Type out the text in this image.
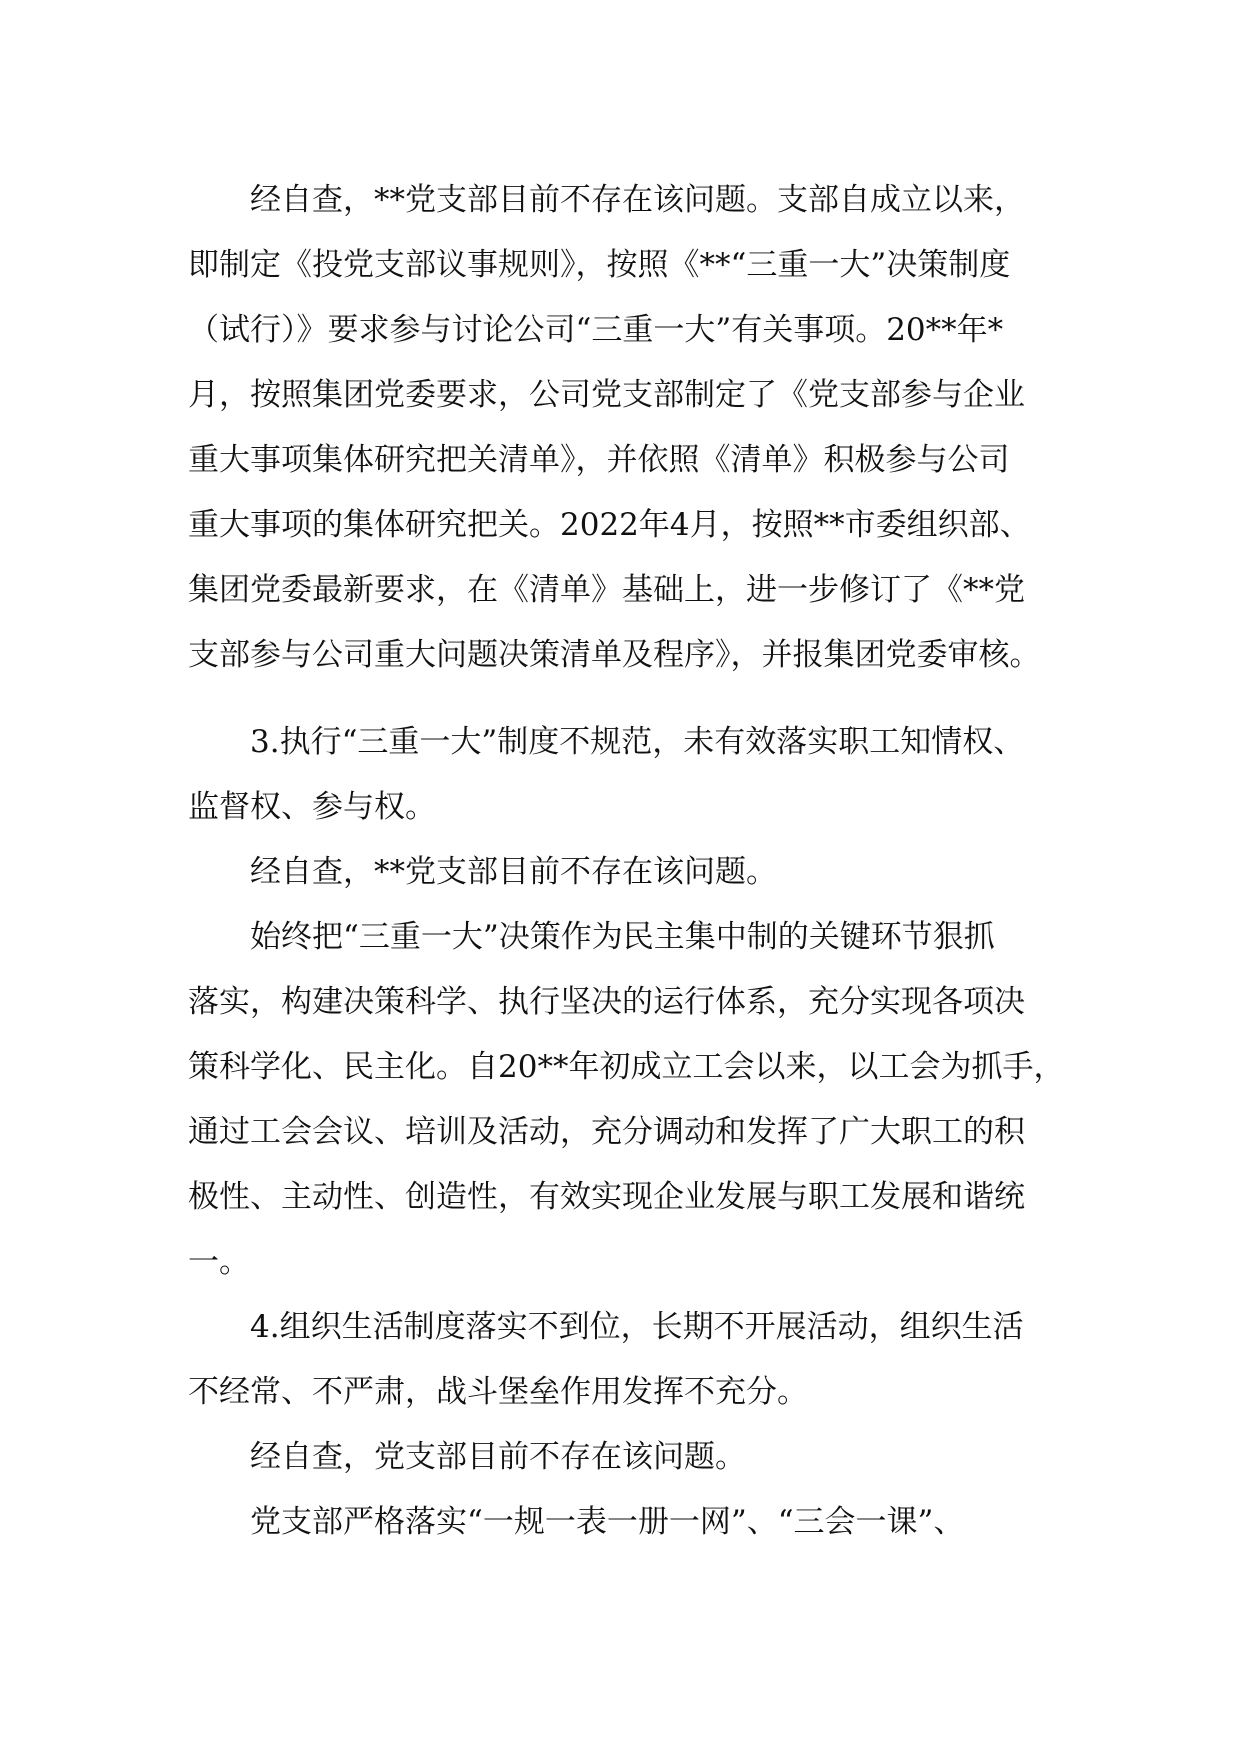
经自查，**党支部目前不存在该问题。支部自成立以来，
即制定《投党支部议事规则》，按照《**“三重一大”决策制度
（试行）》要求参与讨论公司“三重一大”有关事项。20**年*
月，按照集团党委要求，公司党支部制定了《党支部参与企业
重大事项集体研究把关清单》，并依照《清单》积极参与公司
重大事项的集体研究把关。2022年4月，按照**市委组织部、
集团党委最新要求，在《清单》基础上，进一步修订了《**党
支部参与公司重大问题决策清单及程序》，并报集团党委审核。
3.执行“三重一大”制度不规范，未有效落实职工知情权、
监督权、参与权。
经自查，**党支部目前不存在该问题。
始终把“三重一大”决策作为民主集中制的关键环节狠抓
落实，构建决策科学、执行坚决的运行体系，充分实现各项决
策科学化、民主化。自20**年初成立工会以来，以工会为抓手，
通过工会会议、培训及活动，充分调动和发挥了广大职工的积
极性、主动性、创造性，有效实现企业发展与职工发展和谐统
一。
4.组织生活制度落实不到位，长期不开展活动，组织生活
不经常、不严肃，战斗堡垒作用发挥不充分。
经自查，党支部目前不存在该问题。
党支部严格落实“一规一表一册一网”、“三会一课”、
